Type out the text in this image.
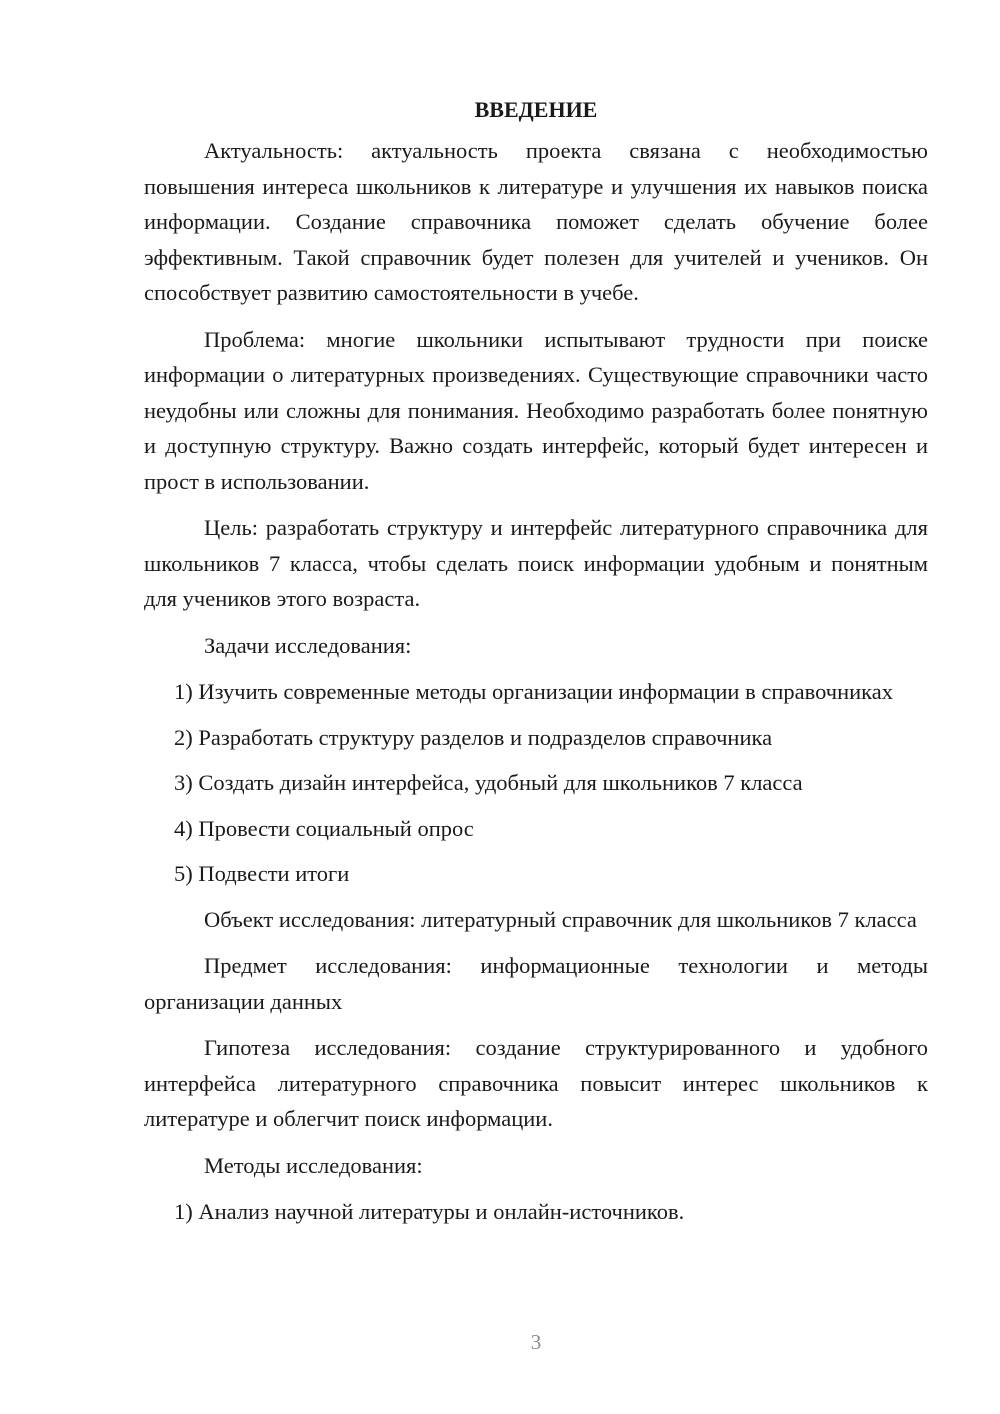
ВВЕДЕНИЕ

Актуальность: актуальность проекта связана с необходимостью повышения интереса школьников к литературе и улучшения их навыков поиска информации. Создание справочника поможет сделать обучение более эффективным. Такой справочник будет полезен для учителей и учеников. Он способствует развитию самостоятельности в учебе.

Проблема: многие школьники испытывают трудности при поиске информации о литературных произведениях. Существующие справочники часто неудобны или сложны для понимания. Необходимо разработать более понятную и доступную структуру. Важно создать интерфейс, который будет интересен и прост в использовании.

Цель: разработать структуру и интерфейс литературного справочника для школьников 7 класса, чтобы сделать поиск информации удобным и понятным для учеников этого возраста.

Задачи исследования:

1) Изучить современные методы организации информации в справочниках

2) Разработать структуру разделов и подразделов справочника

3) Создать дизайн интерфейса, удобный для школьников 7 класса

4) Провести социальный опрос

5) Подвести итоги

Объект исследования: литературный справочник для школьников 7 класса

Предмет исследования: информационные технологии и методы организации данных

Гипотеза исследования: создание структурированного и удобного интерфейса литературного справочника повысит интерес школьников к литературе и облегчит поиск информации.

Методы исследования:

1) Анализ научной литературы и онлайн-источников.

3
